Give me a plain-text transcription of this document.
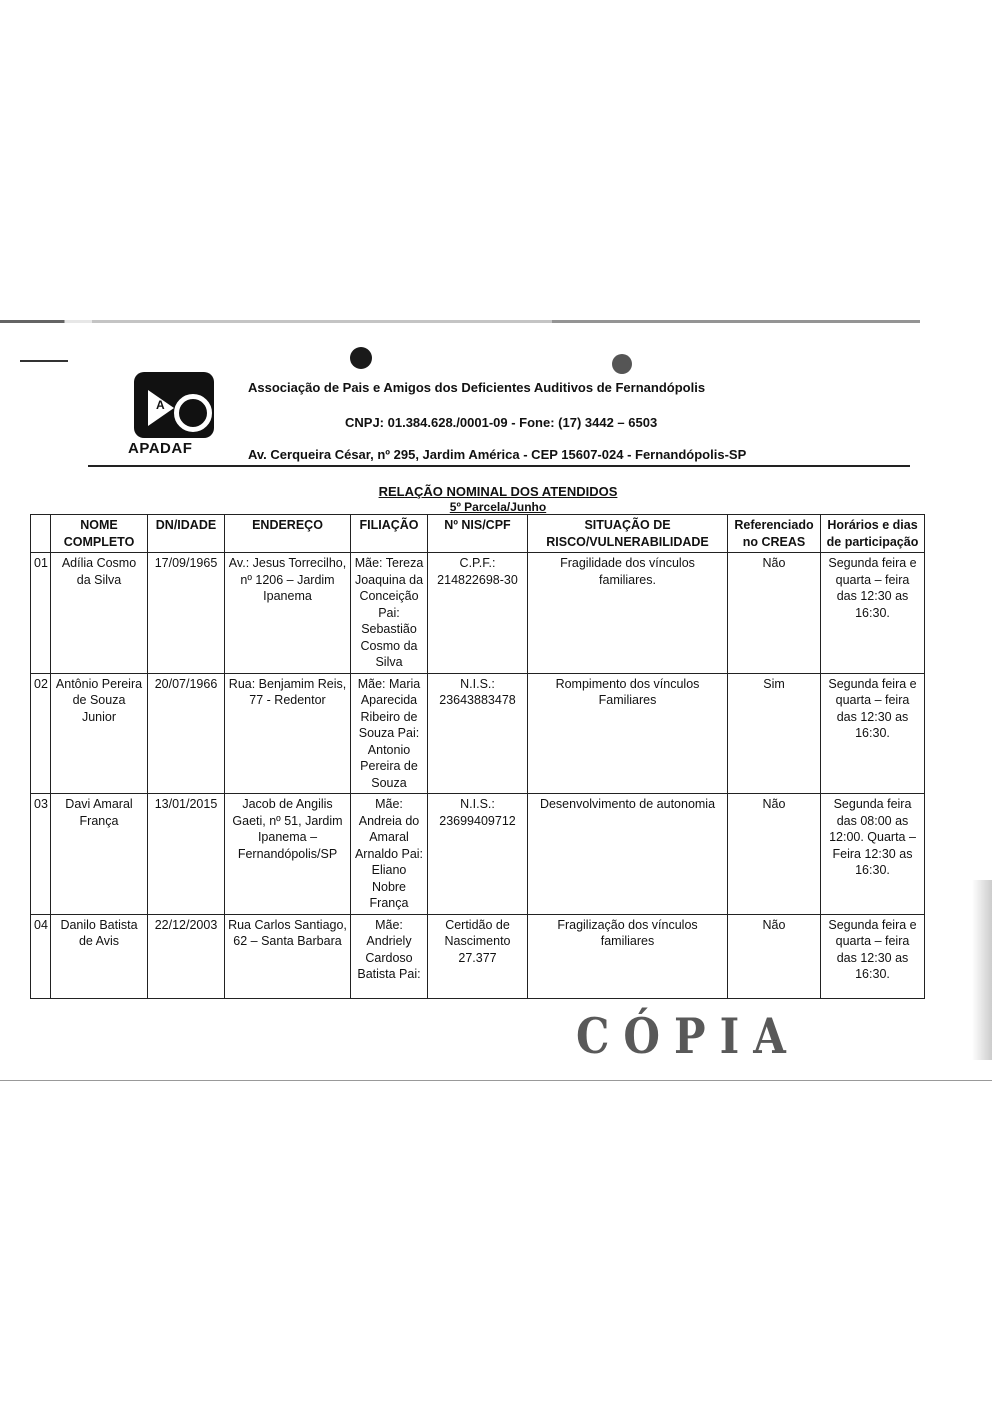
A
APADAF
Associação de Pais e Amigos dos Deficientes Auditivos de Fernandópolis
CNPJ: 01.384.628./0001-09 - Fone: (17) 3442 – 6503
Av. Cerqueira César, nº 295, Jardim América - CEP 15607-024 - Fernandópolis-SP
RELAÇÃO NOMINAL DOS ATENDIDOS
5º Parcela/Junho
	NOME COMPLETO	DN/IDADE	ENDEREÇO	FILIAÇÃO	Nº NIS/CPF	SITUAÇÃO DE RISCO/VULNERABILIDADE	Referenciado no CREAS	Horários e dias de participação
01	Adília Cosmo da Silva	17/09/1965	Av.: Jesus Torrecilho, nº 1206 – Jardim Ipanema	Mãe: Tereza Joaquina da Conceição Pai: Sebastião Cosmo da Silva	C.P.F.: 214822698-30	Fragilidade dos vínculos familiares.	Não	Segunda feira e quarta – feira das 12:30 as 16:30.
02	Antônio Pereira de Souza Junior	20/07/1966	Rua: Benjamim Reis, 77 - Redentor	Mãe: Maria Aparecida Ribeiro de Souza Pai: Antonio Pereira de Souza	N.I.S.: 23643883478	Rompimento dos vínculos Familiares	Sim	Segunda feira e quarta – feira das 12:30 as 16:30.
03	Davi Amaral França	13/01/2015	Jacob de Angilis Gaeti, nº 51, Jardim Ipanema – Fernandópolis/SP	Mãe: Andreia do Amaral Arnaldo Pai: Eliano Nobre França	N.I.S.: 23699409712	Desenvolvimento de autonomia	Não	Segunda feira das 08:00 as 12:00. Quarta – Feira 12:30 as 16:30.
04	Danilo Batista de Avis	22/12/2003	Rua Carlos Santiago, 62 – Santa Barbara	Mãe: Andriely Cardoso Batista Pai:	Certidão de Nascimento 27.377	Fragilização dos vínculos familiares	Não	Segunda feira e quarta – feira das 12:30 as 16:30.
CÓPIA
